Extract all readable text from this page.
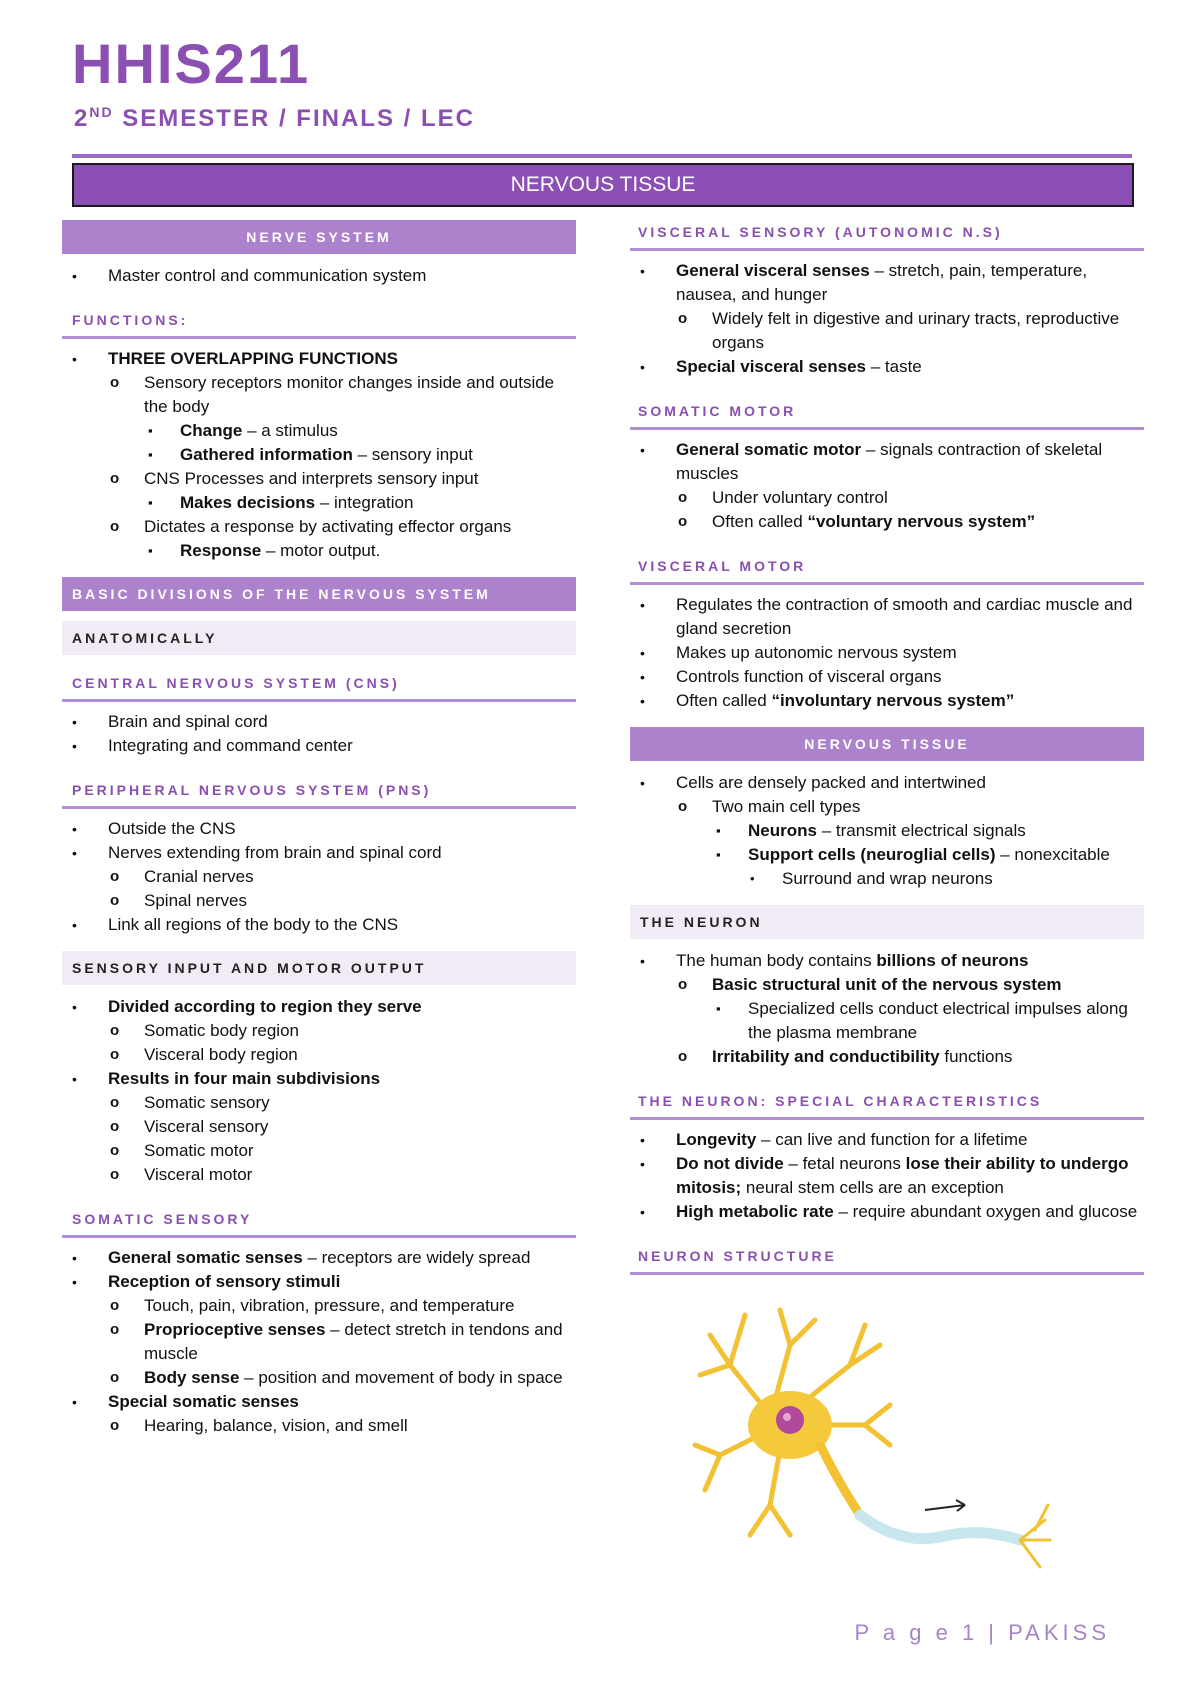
HHIS211
2ND SEMESTER / FINALS / LEC
NERVOUS TISSUE
NERVE SYSTEM
• Master control and communication system
FUNCTIONS:
• THREE OVERLAPPING FUNCTIONS
o Sensory receptors monitor changes inside and outside the body
▪ Change – a stimulus
▪ Gathered information – sensory input
o CNS Processes and interprets sensory input
▪ Makes decisions – integration
o Dictates a response by activating effector organs
▪ Response – motor output.
BASIC DIVISIONS OF THE NERVOUS SYSTEM
ANATOMICALLY
CENTRAL NERVOUS SYSTEM (CNS)
• Brain and spinal cord
• Integrating and command center
PERIPHERAL NERVOUS SYSTEM (PNS)
• Outside the CNS
• Nerves extending from brain and spinal cord
o Cranial nerves
o Spinal nerves
• Link all regions of the body to the CNS
SENSORY INPUT AND MOTOR OUTPUT
• Divided according to region they serve
o Somatic body region
o Visceral body region
• Results in four main subdivisions
o Somatic sensory
o Visceral sensory
o Somatic motor
o Visceral motor
SOMATIC SENSORY
• General somatic senses – receptors are widely spread
• Reception of sensory stimuli
o Touch, pain, vibration, pressure, and temperature
o Proprioceptive senses – detect stretch in tendons and muscle
o Body sense – position and movement of body in space
• Special somatic senses
o Hearing, balance, vision, and smell
VISCERAL SENSORY (AUTONOMIC N.S)
• General visceral senses – stretch, pain, temperature, nausea, and hunger
o Widely felt in digestive and urinary tracts, reproductive organs
• Special visceral senses – taste
SOMATIC MOTOR
• General somatic motor – signals contraction of skeletal muscles
o Under voluntary control
o Often called “voluntary nervous system”
VISCERAL MOTOR
• Regulates the contraction of smooth and cardiac muscle and gland secretion
• Makes up autonomic nervous system
• Controls function of visceral organs
• Often called “involuntary nervous system”
NERVOUS TISSUE
• Cells are densely packed and intertwined
o Two main cell types
▪ Neurons – transmit electrical signals
▪ Support cells (neuroglial cells) – nonexcitable
• Surround and wrap neurons
THE NEURON
• The human body contains billions of neurons
o Basic structural unit of the nervous system
▪ Specialized cells conduct electrical impulses along the plasma membrane
o Irritability and conductibility functions
THE NEURON: SPECIAL CHARACTERISTICS
• Longevity – can live and function for a lifetime
• Do not divide – fetal neurons lose their ability to undergo mitosis; neural stem cells are an exception
• High metabolic rate – require abundant oxygen and glucose
NEURON STRUCTURE
P a g e 1 | PAKISS
